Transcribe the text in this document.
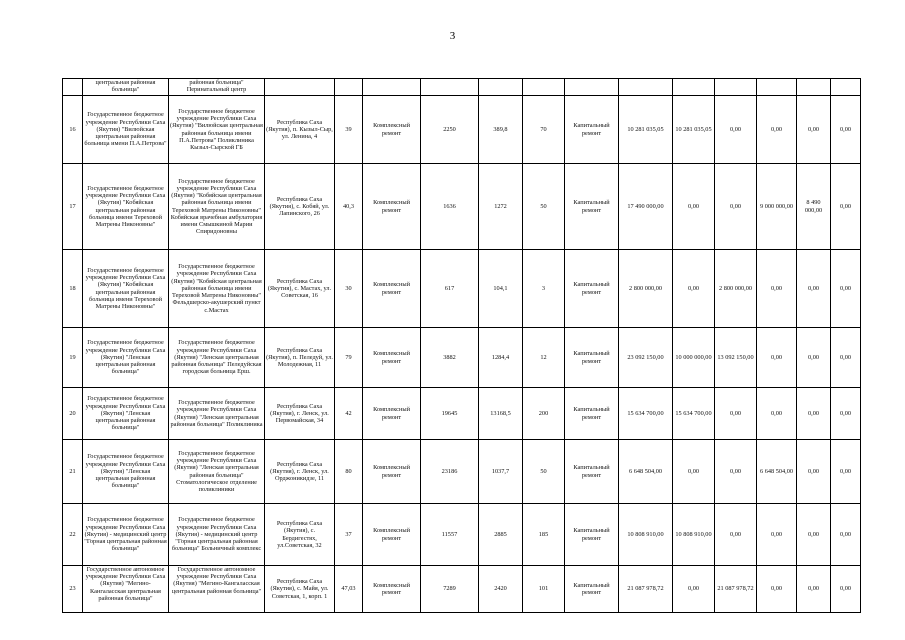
3
	центральная районная больница"	районная больница" Перинатальный центр													
16	Государственное бюджетное учреждение Республики Саха (Якутия) "Вилюйская центральная районная больница имени П.А.Петрова"	Государственное бюджетное учреждение Республики Саха (Якутия) "Вилюйская центральная районная больница имени П.А.Петрова" Поликлиника Кызыл-Сырской ГБ	Республика Саха (Якутия), п. Кызыл-Сыр, ул. Ленина, 4	39	Комплексный ремонт	2250	389,8	70	Капитальный ремонт	10 281 035,05	10 281 035,05	0,00	0,00	0,00	0,00
17	Государственное бюджетное учреждение Республики Саха (Якутия) "Кобяйская центральная районная больница имени Тереховой Матрены Никоновны"	Государственное бюджетное учреждение Республики Саха (Якутия) "Кобяйская центральная районная больница имени Тереховой Матрены Никоновны" Кобяйская врачебная амбулатория имени Смышкиной Марии Спиридоновны	Республика Саха (Якутия), с. Кобяй, ул. Лапинского, 26	40,3	Комплексный ремонт	1636	1272	50	Капитальный ремонт	17 490 000,00	0,00	0,00	9 000 000,00	8 490 000,00	0,00
18	Государственное бюджетное учреждение Республики Саха (Якутия) "Кобяйская центральная районная больница имени Тереховой Матрены Никоновны"	Государственное бюджетное учреждение Республики Саха (Якутия) "Кобяйская центральная районная больница имени Тереховой Матрены Никоновны" Фельдшерско-акушерский пункт с.Мастах	Республика Саха (Якутия), с. Мастах, ул. Советская, 16	30	Комплексный ремонт	617	104,1	3	Капитальный ремонт	2 800 000,00	0,00	2 800 000,00	0,00	0,00	0,00
19	Государственное бюджетное учреждение Республики Саха (Якутия) "Ленская центральная районная больница"	Государственное бюджетное учреждение Республики Саха (Якутия) "Ленская центральная районная больница" Пеледуйская городская больница Ерш.	Республика Саха (Якутия), п. Пеледуй, ул. Молодежная, 11	79	Комплексный ремонт	3882	1284,4	12	Капитальный ремонт	23 092 150,00	10 000 000,00	13 092 150,00	0,00	0,00	0,00
20	Государственное бюджетное учреждение Республики Саха (Якутия) "Ленская центральная районная больница"	Государственное бюджетное учреждение Республики Саха (Якутия) "Ленская центральная районная больница" Поликлиника	Республика Саха (Якутия), г. Ленск, ул. Первомайская, 34	42	Комплексный ремонт	19645	13168,5	200	Капитальный ремонт	15 634 700,00	15 634 700,00	0,00	0,00	0,00	0,00
21	Государственное бюджетное учреждение Республики Саха (Якутия) "Ленская центральная районная больница"	Государственное бюджетное учреждение Республики Саха (Якутия) "Ленская центральная районная больница" Стоматологическое отделение поликлиники	Республика Саха (Якутия), г. Ленск, ул. Орджоникидзе, 11	80	Комплексный ремонт	23186	1037,7	50	Капитальный ремонт	6 648 504,00	0,00	0,00	6 648 504,00	0,00	0,00
22	Государственное бюджетное учреждение Республики Саха (Якутия) - медицинский центр "Горная центральная районная больница"	Государственное бюджетное учреждение Республики Саха (Якутия) - медицинский центр "Горная центральная районная больница" Больничный комплекс	Республика Саха (Якутия), с. Бердигестях, ул.Советская, 32	37	Комплексный ремонт	11557	2885	185	Капитальный ремонт	10 808 910,00	10 808 910,00	0,00	0,00	0,00	0,00
23	Государственное автономное учреждение Республики Саха (Якутия) "Мегино-Кангаласская центральная районная больница"	Государственное автономное учреждение Республики Саха (Якутия) "Мегино-Кангаласская центральная районная больница"	Республика Саха (Якутия), с. Майя, ул. Советская, 1, корп. 1	47,03	Комплексный ремонт	7289	2420	101	Капитальный ремонт	21 087 978,72	0,00	21 087 978,72	0,00	0,00	0,00
